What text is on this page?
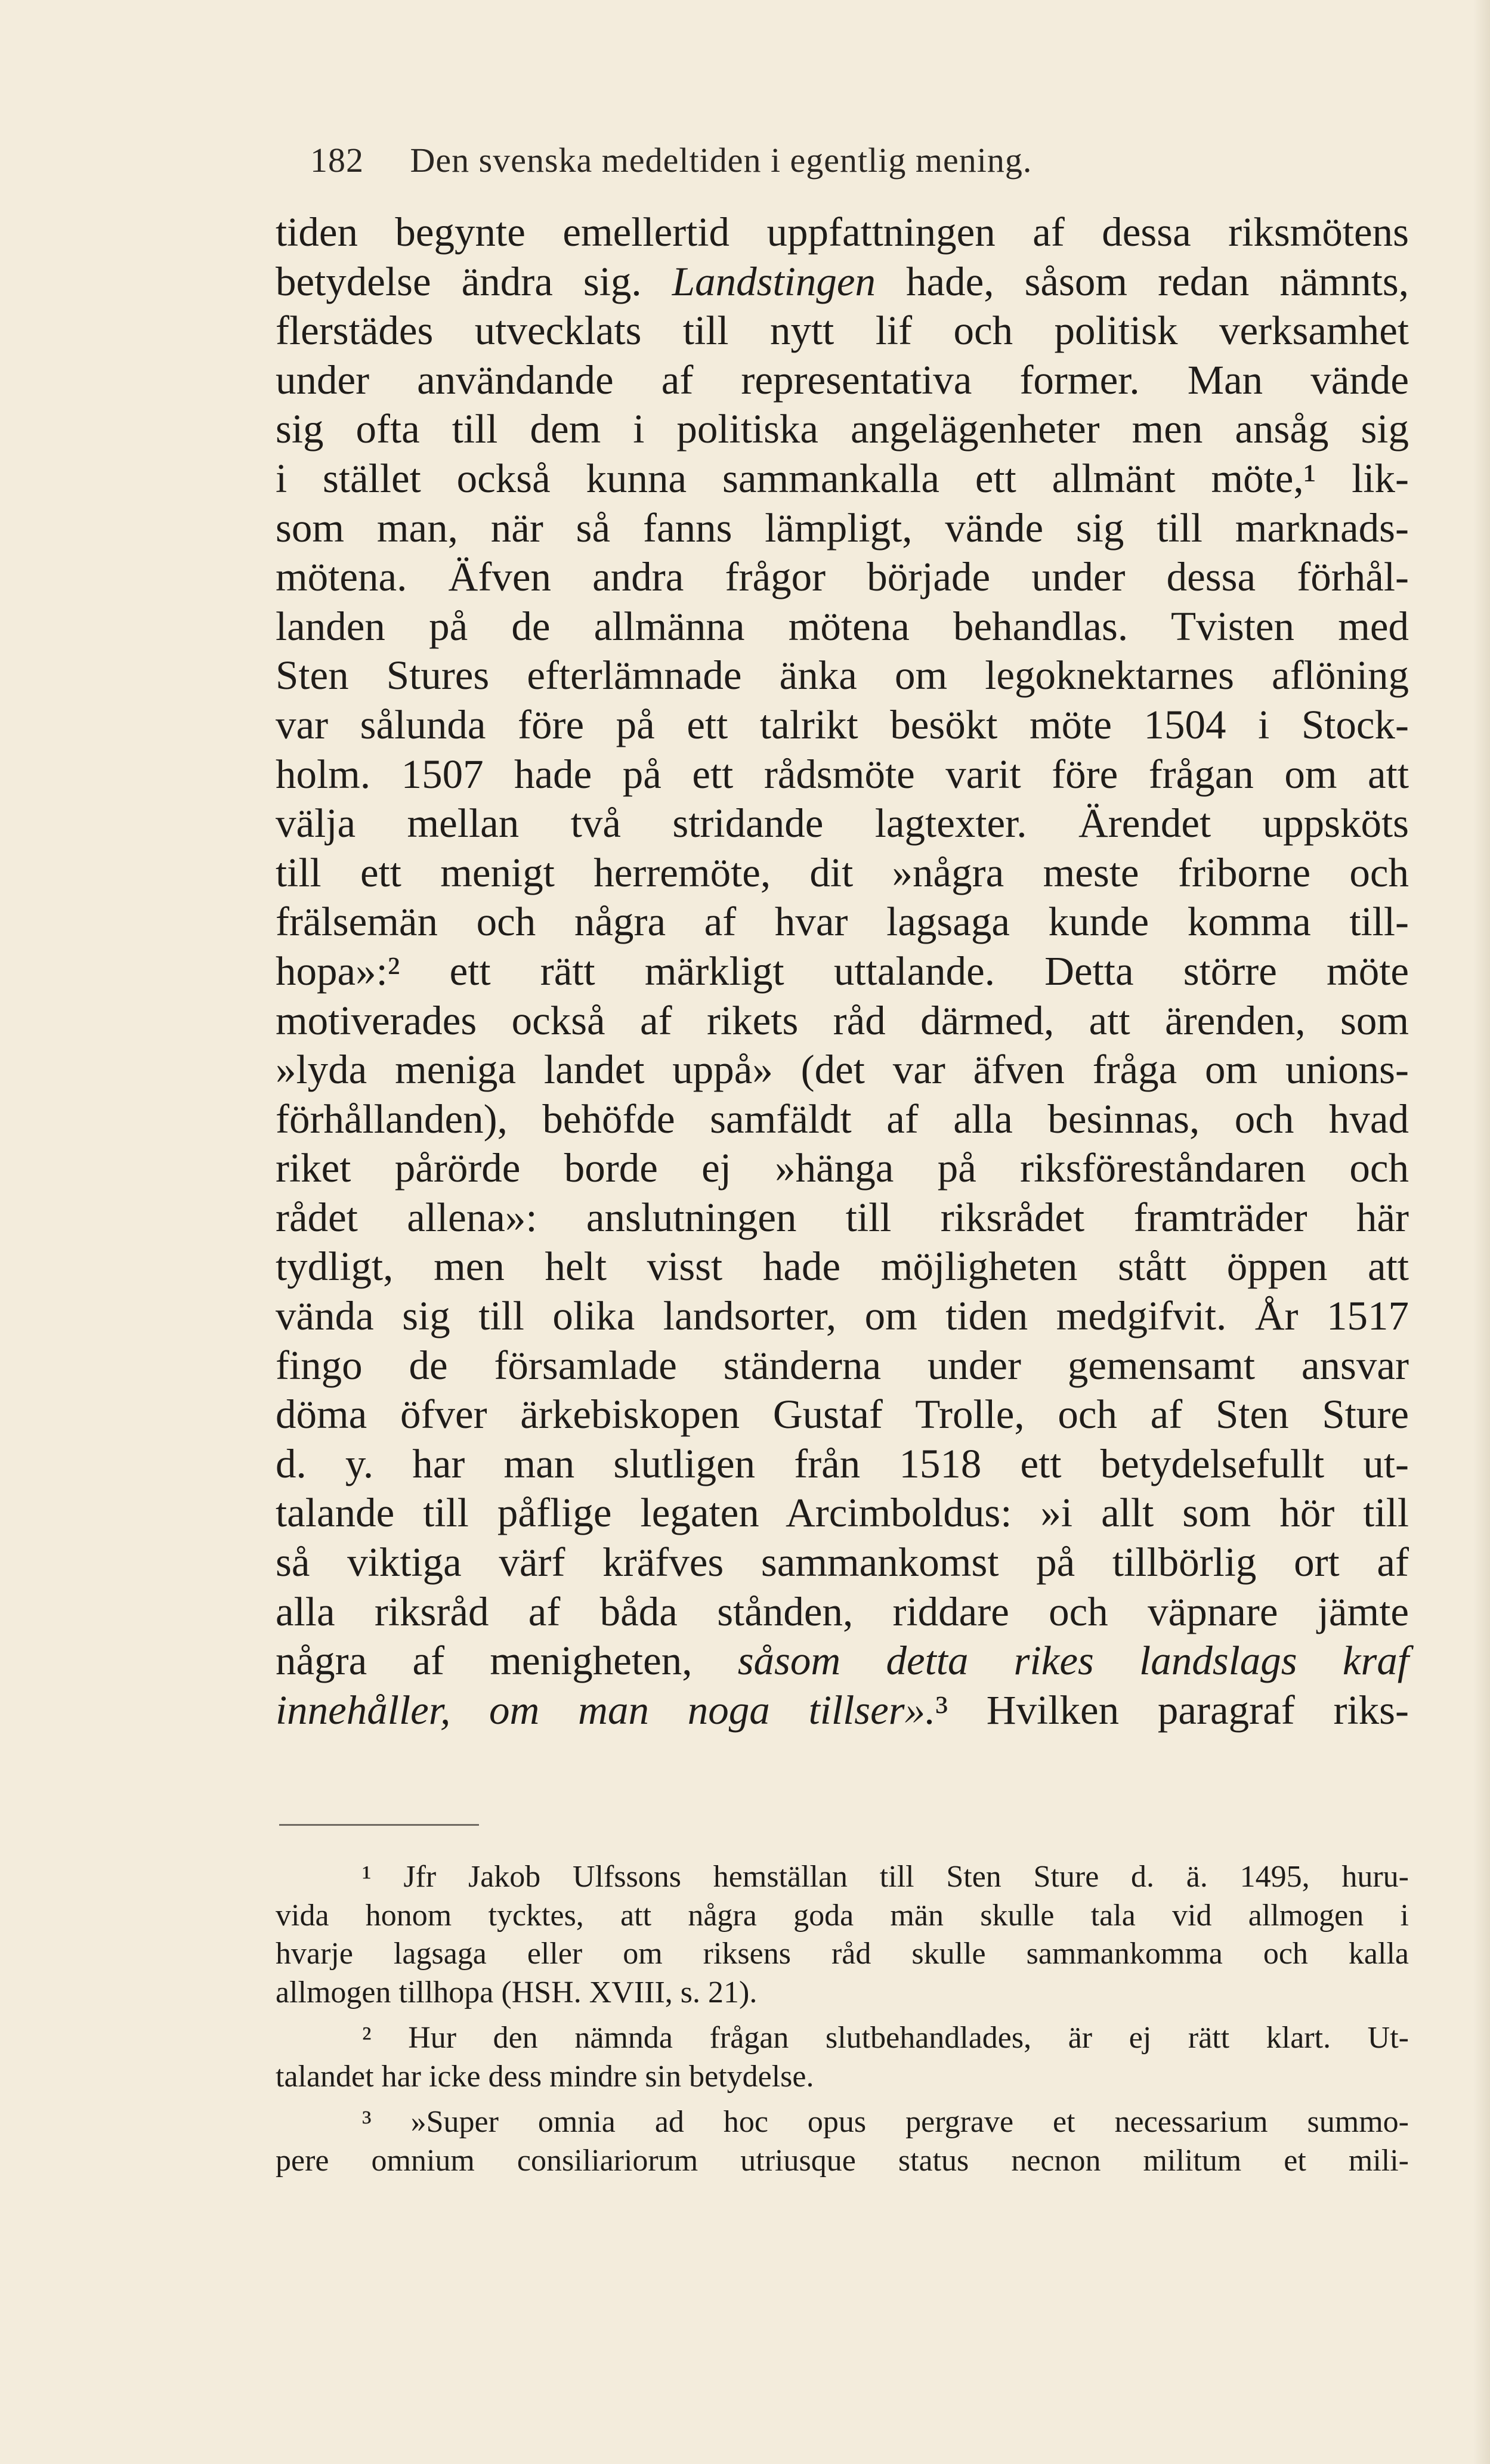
182 Den svenska medeltiden i egentlig mening.
tiden begynte emellertid uppfattningen af dessa riksmötens
betydelse ändra sig. Landstingen hade, såsom redan nämnts,
flerstädes utvecklats till nytt lif och politisk verksamhet
under användande af representativa former. Man vände
sig ofta till dem i politiska angelägenheter men ansåg sig
i stället också kunna sammankalla ett allmänt möte,¹ lik-
som man, när så fanns lämpligt, vände sig till marknads-
mötena. Äfven andra frågor började under dessa förhål-
landen på de allmänna mötena behandlas. Tvisten med
Sten Stures efterlämnade änka om legoknektarnes aflöning
var sålunda före på ett talrikt besökt möte 1504 i Stock-
holm. 1507 hade på ett rådsmöte varit före frågan om att
välja mellan två stridande lagtexter. Ärendet uppsköts
till ett menigt herremöte, dit »några meste friborne och
frälsemän och några af hvar lagsaga kunde komma till-
hopa»:² ett rätt märkligt uttalande. Detta större möte
motiverades också af rikets råd därmed, att ärenden, som
»lyda meniga landet uppå» (det var äfven fråga om unions-
förhållanden), behöfde samfäldt af alla besinnas, och hvad
riket pårörde borde ej »hänga på riksföreståndaren och
rådet allena»: anslutningen till riksrådet framträder här
tydligt, men helt visst hade möjligheten stått öppen att
vända sig till olika landsorter, om tiden medgifvit. År 1517
fingo de församlade ständerna under gemensamt ansvar
döma öfver ärkebiskopen Gustaf Trolle, och af Sten Sture
d. y. har man slutligen från 1518 ett betydelsefullt ut-
talande till påflige legaten Arcimboldus: »i allt som hör till
så viktiga värf kräfves sammankomst på tillbörlig ort af
alla riksråd af båda stånden, riddare och väpnare jämte
några af menigheten, såsom detta rikes landslags kraf
innehåller, om man noga tillser».³ Hvilken paragraf riks-
¹ Jfr Jakob Ulfssons hemställan till Sten Sture d. ä. 1495, huru-
vida honom tycktes, att några goda män skulle tala vid allmogen i
hvarje lagsaga eller om riksens råd skulle sammankomma och kalla
allmogen tillhopa (HSH. XVIII, s. 21).
² Hur den nämnda frågan slutbehandlades, är ej rätt klart. Ut-
talandet har icke dess mindre sin betydelse.
³ »Super omnia ad hoc opus pergrave et necessarium summo-
pere omnium consiliariorum utriusque status necnon militum et mili-
